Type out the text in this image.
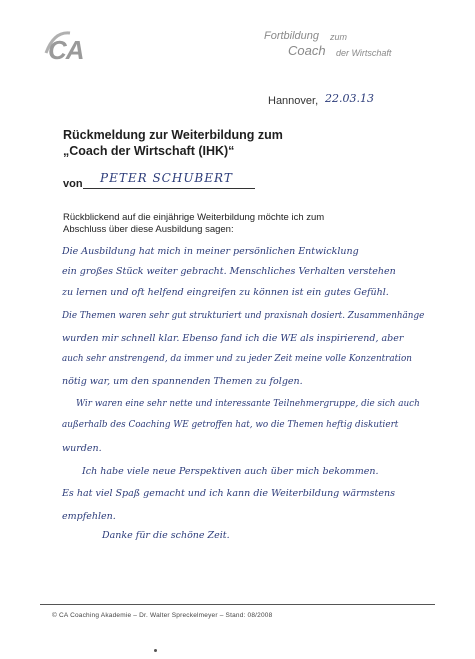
CA	Fortbildung zum
Coach der Wirtschaft
Hannover, 22.03.13
Rückmeldung zur Weiterbildung zum
„Coach der Wirtschaft (IHK)“
von PETER SCHUBERT
Rückblickend auf die einjährige Weiterbildung möchte ich zum
Abschluss über diese Ausbildung sagen:
Die Ausbildung hat mich in meiner persönlichen Entwicklung
ein großes Stück weiter gebracht. Menschliches Verhalten verstehen
zu lernen und oft helfend eingreifen zu können ist ein gutes Gefühl.
Die Themen waren sehr gut strukturiert und praxisnah dosiert. Zusammenhänge
wurden mir schnell klar. Ebenso fand ich die WE als inspirierend, aber
auch sehr anstrengend, da immer und zu jeder Zeit meine volle Konzentration
nötig war, um den spannenden Themen zu folgen.
Wir waren eine sehr nette und interessante Teilnehmergruppe, die sich auch
außerhalb des Coaching WE getroffen hat, wo die Themen heftig diskutiert
wurden.
Ich habe viele neue Perspektiven auch über mich bekommen.
Es hat viel Spaß gemacht und ich kann die Weiterbildung wärmstens
empfehlen.
Danke für die schöne Zeit.
© CA Coaching Akademie – Dr. Walter Spreckelmeyer – Stand: 08/2008
